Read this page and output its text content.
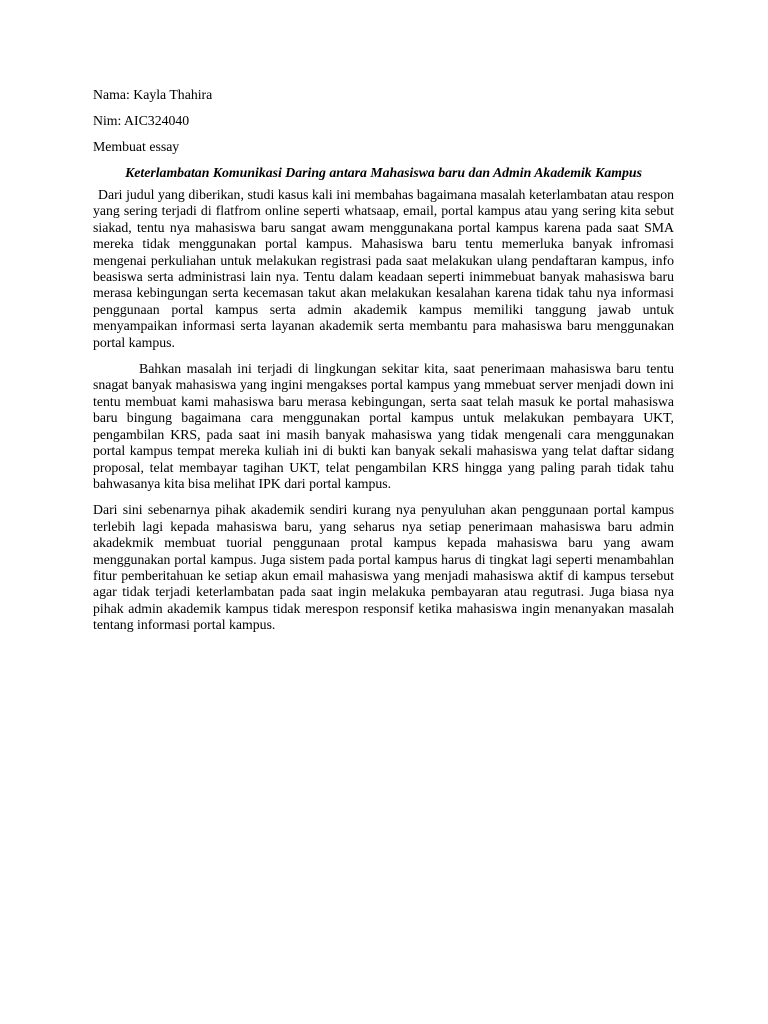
Nama: Kayla Thahira

Nim: AIC324040

Membuat essay

Keterlambatan Komunikasi Daring antara Mahasiswa baru dan Admin Akademik Kampus

Dari judul yang diberikan, studi kasus kali ini membahas bagaimana masalah keterlambatan atau respon yang sering terjadi di flatfrom online seperti whatsaap, email, portal kampus atau yang sering kita sebut siakad, tentu nya mahasiswa baru sangat awam menggunakana portal kampus karena pada saat SMA mereka tidak menggunakan portal kampus. Mahasiswa baru tentu memerluka banyak infromasi mengenai perkuliahan untuk melakukan registrasi pada saat melakukan ulang pendaftaran kampus, info beasiswa serta administrasi lain nya. Tentu dalam keadaan seperti inimmebuat banyak mahasiswa baru merasa kebingungan serta kecemasan takut akan melakukan kesalahan karena tidak tahu nya informasi penggunaan portal kampus serta admin akademik kampus memiliki tanggung jawab untuk menyampaikan informasi serta layanan akademik serta membantu para mahasiswa baru menggunakan portal kampus.

Bahkan masalah ini terjadi di lingkungan sekitar kita, saat penerimaan mahasiswa baru tentu snagat banyak mahasiswa yang ingini mengakses portal kampus yang mmebuat server menjadi down ini tentu membuat kami mahasiswa baru merasa kebingungan, serta saat telah masuk ke portal mahasiswa baru bingung bagaimana cara menggunakan portal kampus untuk melakukan pembayara UKT, pengambilan KRS, pada saat ini masih banyak mahasiswa yang tidak mengenali cara menggunakan portal kampus tempat mereka kuliah ini di bukti kan banyak sekali mahasiswa yang telat daftar sidang proposal, telat membayar tagihan UKT, telat pengambilan KRS hingga yang paling parah tidak tahu bahwasanya kita bisa melihat IPK dari portal kampus.

Dari sini sebenarnya pihak akademik sendiri kurang nya penyuluhan akan penggunaan portal kampus terlebih lagi kepada mahasiswa baru, yang seharus nya setiap penerimaan mahasiswa baru admin akadekmik membuat tuorial penggunaan protal kampus kepada mahasiswa baru yang awam menggunakan portal kampus. Juga sistem pada portal kampus harus di tingkat lagi seperti menambahlan fitur pemberitahuan ke setiap akun email mahasiswa yang menjadi mahasiswa aktif di kampus tersebut agar tidak terjadi keterlambatan pada saat ingin melakuka pembayaran atau regutrasi. Juga biasa nya pihak admin akademik kampus tidak merespon responsif ketika mahasiswa ingin menanyakan masalah tentang informasi portal kampus.
